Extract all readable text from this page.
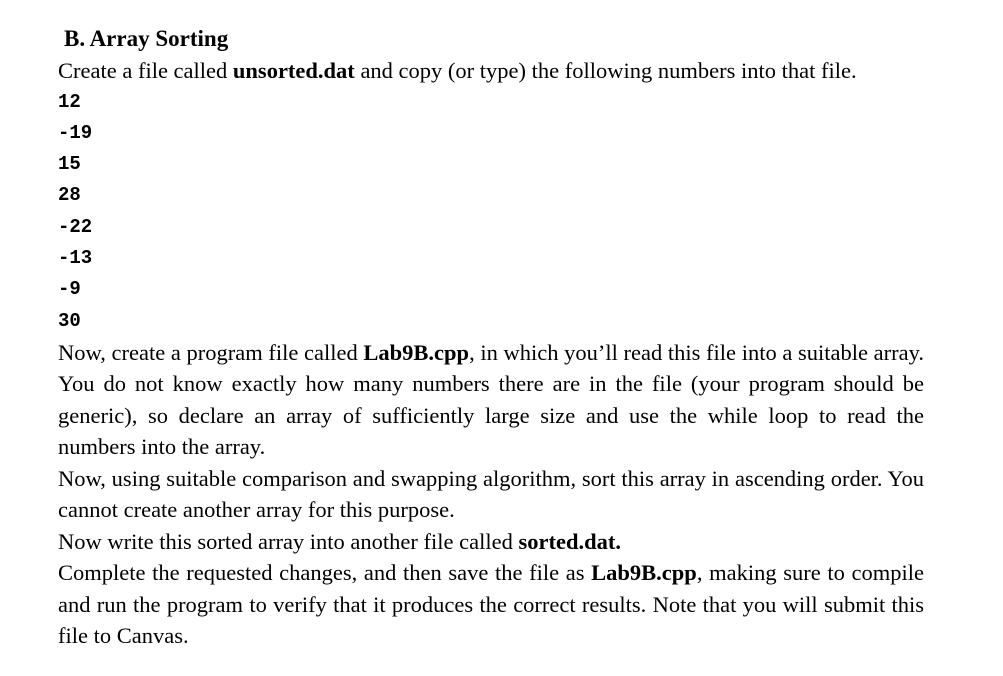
B. Array Sorting

Create a file called unsorted.dat and copy (or type) the following numbers into that file.

12
-19
15
28
-22
-13
-9
30

Now, create a program file called Lab9B.cpp, in which you’ll read this file into a suitable array. You do not know exactly how many numbers there are in the file (your program should be generic), so declare an array of sufficiently large size and use the while loop to read the numbers into the array.

Now, using suitable comparison and swapping algorithm, sort this array in ascending order. You cannot create another array for this purpose.

Now write this sorted array into another file called sorted.dat.

Complete the requested changes, and then save the file as Lab9B.cpp, making sure to compile and run the program to verify that it produces the correct results. Note that you will submit this file to Canvas.
